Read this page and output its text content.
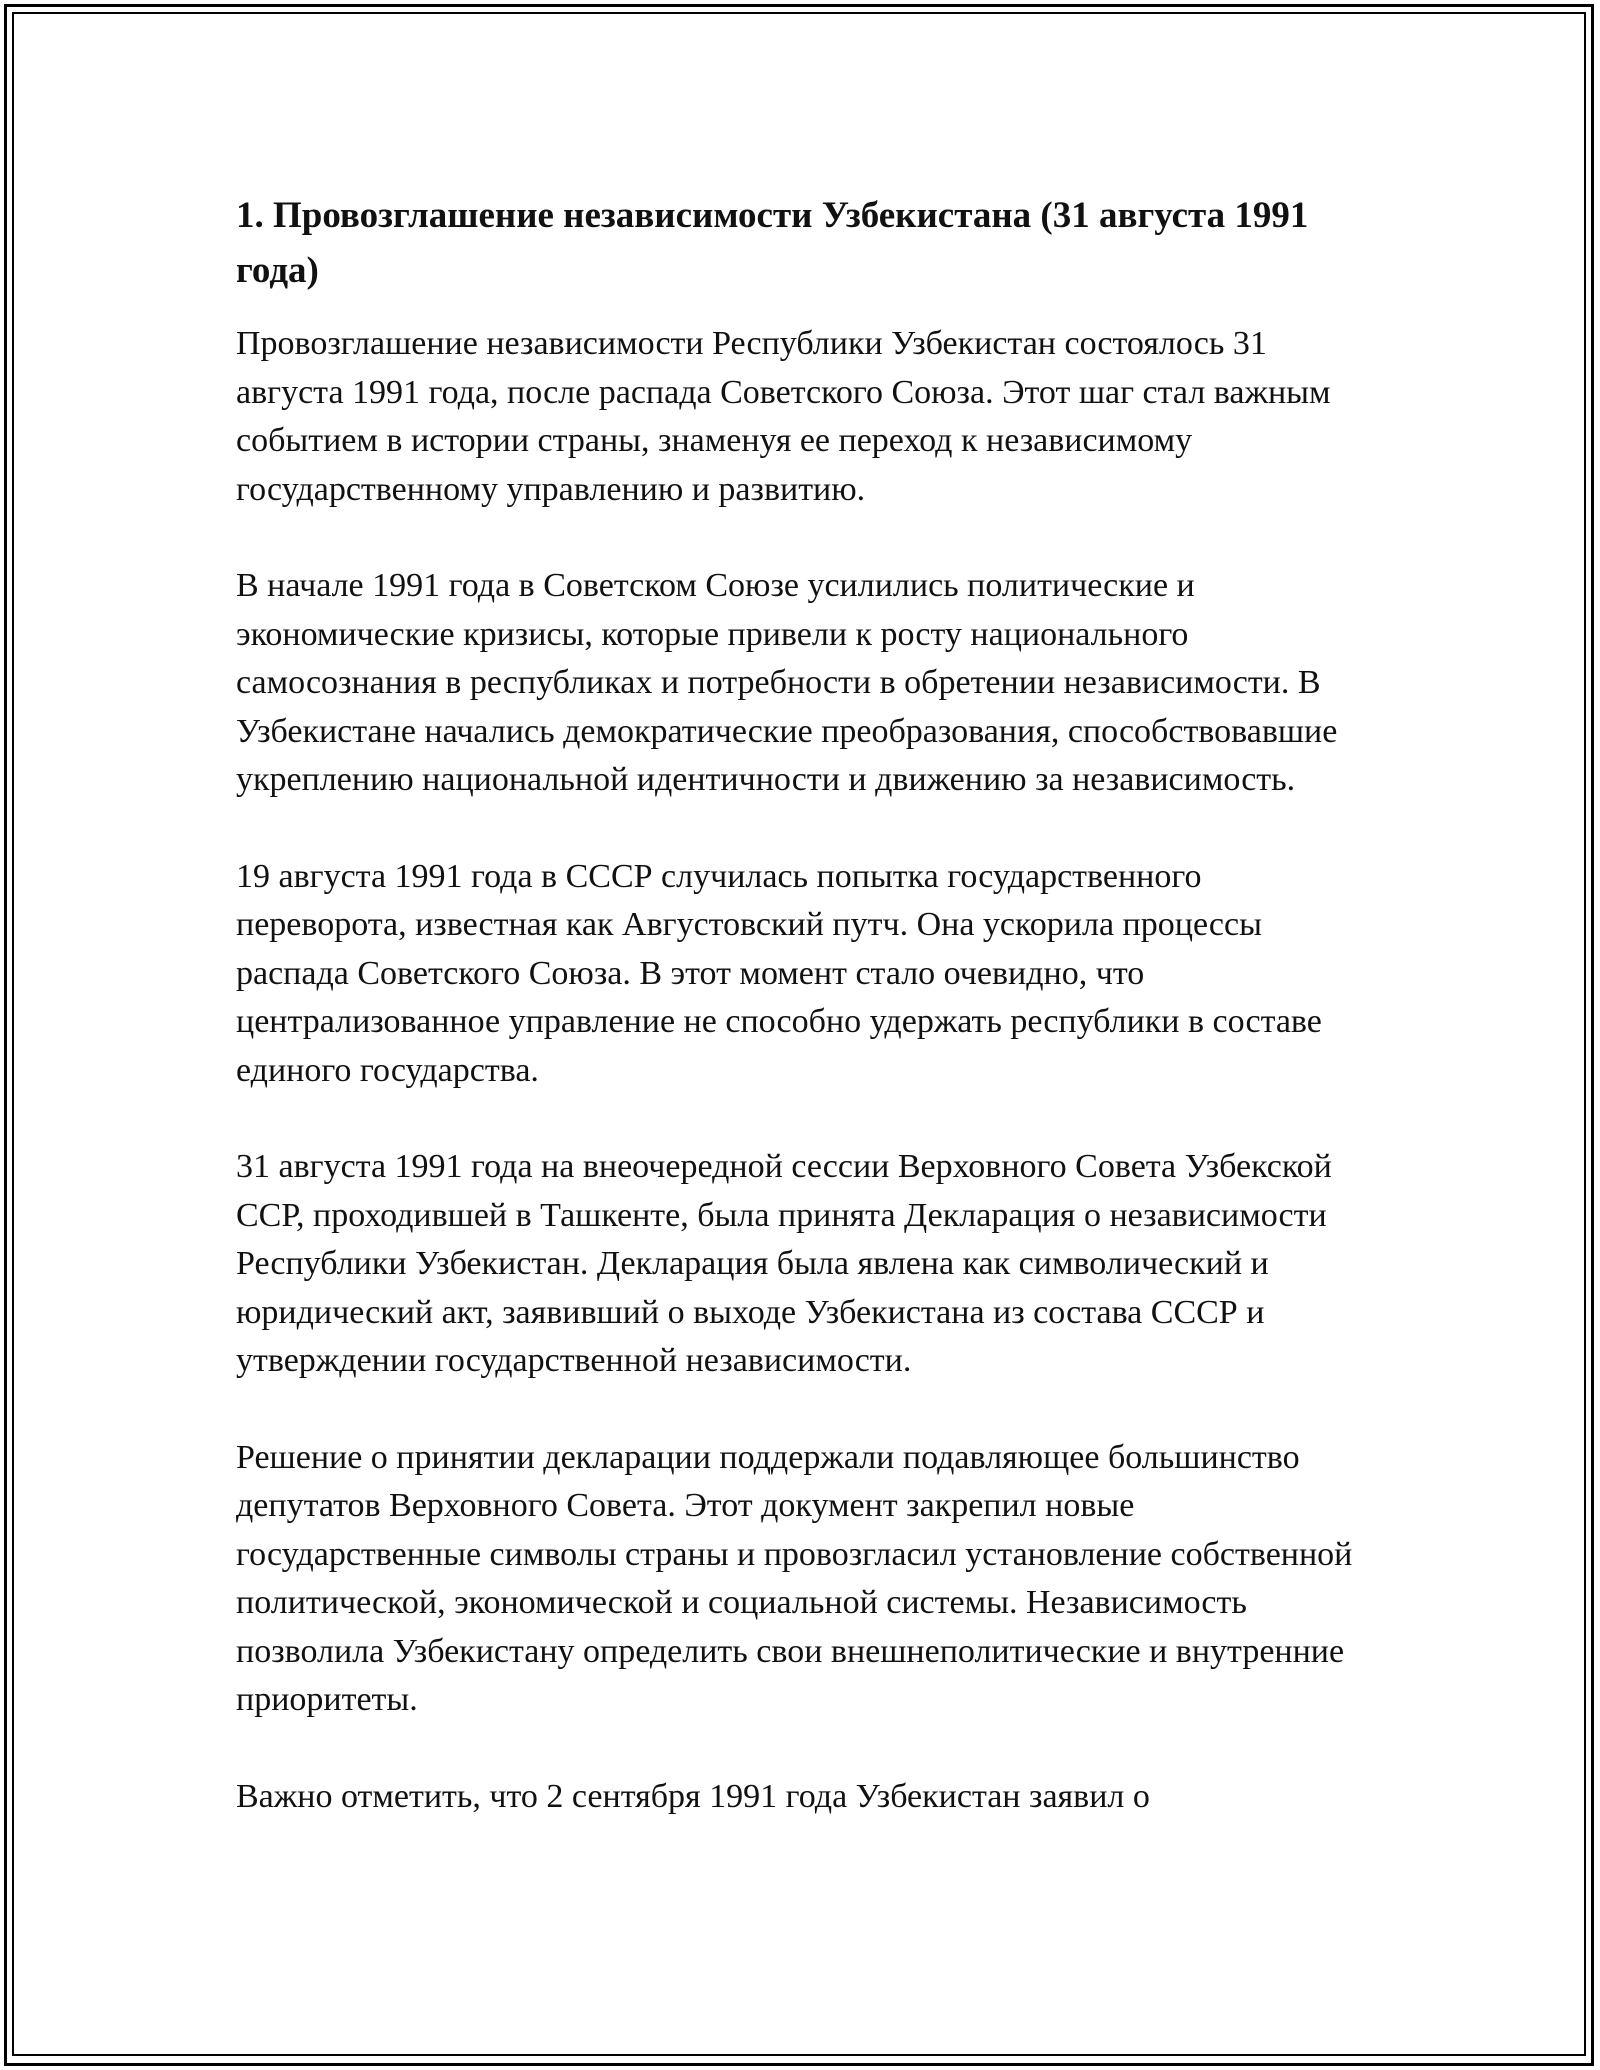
1. Провозглашение независимости Узбекистана (31 августа 1991 года)

Провозглашение независимости Республики Узбекистан состоялось 31 августа 1991 года, после распада Советского Союза. Этот шаг стал важным событием в истории страны, знаменуя ее переход к независимому государственному управлению и развитию.

В начале 1991 года в Советском Союзе усилились политические и экономические кризисы, которые привели к росту национального самосознания в республиках и потребности в обретении независимости. В Узбекистане начались демократические преобразования, способствовавшие укреплению национальной идентичности и движению за независимость.

19 августа 1991 года в СССР случилась попытка государственного переворота, известная как Августовский путч. Она ускорила процессы распада Советского Союза. В этот момент стало очевидно, что централизованное управление не способно удержать республики в составе единого государства.

31 августа 1991 года на внеочередной сессии Верховного Совета Узбекской ССР, проходившей в Ташкенте, была принята Декларация о независимости Республики Узбекистан. Декларация была явлена как символический и юридический акт, заявивший о выходе Узбекистана из состава СССР и утверждении государственной независимости.

Решение о принятии декларации поддержали подавляющее большинство депутатов Верховного Совета. Этот документ закрепил новые государственные символы страны и провозгласил установление собственной политической, экономической и социальной системы. Независимость позволила Узбекистану определить свои внешнеполитические и внутренние приоритеты.

Важно отметить, что 2 сентября 1991 года Узбекистан заявил о
